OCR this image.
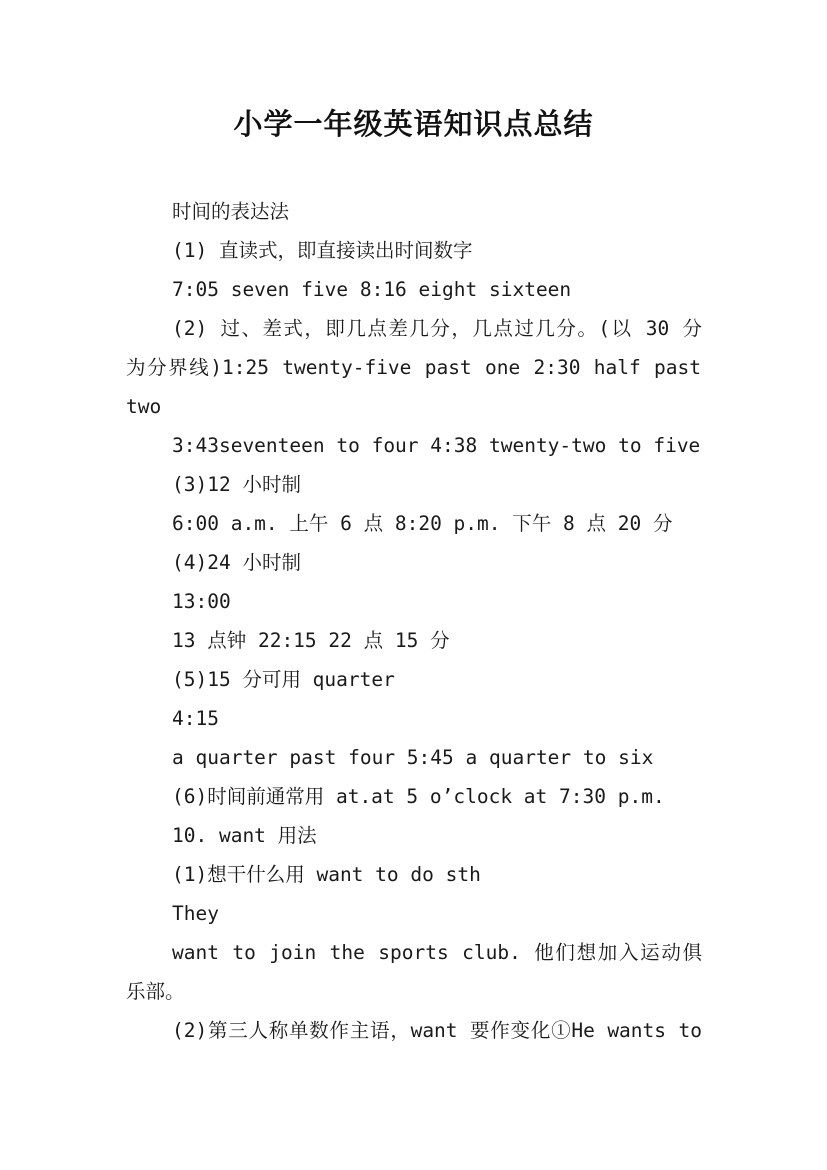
小学一年级英语知识点总结
时间的表达法
(1) 直读式，即直接读出时间数字
7:05 seven five 8:16 eight sixteen
(2) 过、差式，即几点差几分，几点过几分。(以 30 分
为分界线)1:25 twenty-five past one 2:30 half past
two
3:43seventeen to four 4:38 twenty-two to five
(3)12 小时制
6:00 a.m. 上午 6 点 8:20 p.m. 下午 8 点 20 分
(4)24 小时制
13:00
13 点钟 22:15 22 点 15 分
(5)15 分可用 quarter
4:15
a quarter past four 5:45 a quarter to six
(6)时间前通常用 at.at 5 o’clock at 7:30 p.m.
10. want 用法
(1)想干什么用 want to do sth
They
want to join the sports club. 他们想加入运动俱
乐部。
(2)第三人称单数作主语，want 要作变化①He wants to
